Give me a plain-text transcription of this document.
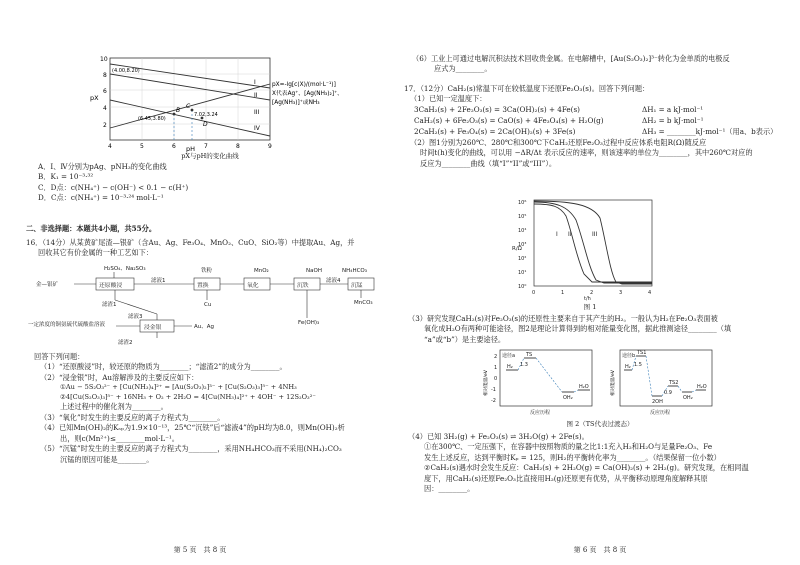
pX
10
8
6
4
2
4	5	6	7	8	9
pH
I
II
III
IV
(4.00,8.20)
(6.45,3.80)
7.02,3.24
B
C
D
pX=-lg[c(X)/(mol·L⁻¹)]
X代表Ag⁺、[Ag(NH₃)₂]⁺、
[Ag(NH₃)]⁺或NH₃
pX与pH的变化曲线
A．Ⅰ、Ⅳ分别为pAg、pNH₃的变化曲线
B．K₁ = 10⁻³·³²
C．D点：c(NH₄⁺) − c(OH⁻) < 0.1 − c(H⁺)
D．C点：c(NH₄⁺) = 10⁻³·²⁴ mol·L⁻¹
二、非选择题：本题共4小题，共55分。
16．（14分）从某黄矿尾渣—银矿（含Au、Ag、Fe₃O₄、MnO₂、CuO、SiO₂等）中提取Au、Ag，并
回收其它有价金属的一种工艺如下：
H₂SO₄、Na₂SO₃
金—银矿
铁粉	MnO₂	NaOH	NH₄HCO₃
滤液1
滤渣1	Cu
Fe(OH)₃
滤液4
MnCO₃
一定浓度的铜氨硫代硫酸盐溶液
滤液3
滤渣2
Au、Ag
还原酸浸	置换	氧化	沉铁	沉锰
浸金银
回答下列问题：
（1）“还原酸浸”时，较还原的物质为________；“滤渣2”的成分为________。
（2）“浸金银”时，Au溶解涉及的主要反应如下：
①Au − 5S₂O₃²⁻ + [Cu(NH₃)₄]²⁺ = [Au(S₂O₃)₂]³⁻ + [Cu(S₂O₃)₃]⁵⁻ + 4NH₃
②4[Cu(S₂O₃)₃]⁵⁻ + 16NH₃ + O₂ + 2H₂O = 4[Cu(NH₃)₄]²⁺ + 4OH⁻ + 12S₂O₃²⁻
上述过程中的催化剂为________。
（3）“氧化”时发生的主要反应的离子方程式为________。
（4）已知Mn(OH)₂的Kₛₚ为1.9×10⁻¹³，25℃“沉铁”后“滤液4”的pH均为8.0，则Mn(OH)₂析
出，则c(Mn²⁺)≤________mol·L⁻¹。
（5）“沉锰”时发生的主要反应的离子方程式为________，采用NH₄HCO₃而不采用(NH₄)₂CO₃
沉锰的原因可能是________。
第 5 页　共 8 页
（6）工业上可通过电解沉积法技术回收贵金属。在电解槽中，[Au(S₂O₃)₂]³⁻转化为金单质的电极反
应式为________。
17．（12分）CaH₂(s)常温下可在较低温度下还原Fe₂O₃(s)。回答下列问题：
（1）已知一定温度下：
3CaH₂(s) + 2Fe₂O₃(s) = 3Ca(OH)₂(s) + 4Fe(s)	ΔH₁ = a kJ·mol⁻¹
CaH₂(s) + 6Fe₂O₃(s) = CaO(s) + 4Fe₃O₄(s) + H₂O(g)	ΔH₂ = b kJ·mol⁻¹
2CaH₂(s) + Fe₃O₄(s) = 2Ca(OH)₂(s) + 3Fe(s)	ΔH₃ = ________kJ·mol⁻¹（用a、b表示）
（2）图1分别为260℃、280℃和300℃下CaH₂还原Fe₂O₃过程中反应体系电阻R(Ω)随反应
时间t(h)变化的曲线，可以用 −ΔR/Δt 表示反应的速率，则该速率的单位为________，其中260℃对应的
反应为________曲线（填“I”“II”或“III”）。
10⁶
10⁵
10⁴
10³
10²
10¹
10⁰
0	1	2	3	4
t/h
R/Ω
I II	III
图 1
（3）研究发现CaH₂(s)对Fe₂O₃(s)的还原性主要来自于其产生的H₂。一般认为H₂在Fe₂O₃表面被
氧化成H₂O有两种可能途径，图2是理论计算得到的相对能量变化图，据此推测途径________（填
“a”或“b”）是主要途径。
途径a	途径b
H₂
TS
1.3
OH₂
H₂O
2
1
0
-1
-2
H₂
TS1
1.5
2OH
TS2
0.9
OH₂
H₂O
反应历程	反应历程
相对能量/eV	相对能量/eV
图 2（TS代表过渡态）
（4）已知 3H₂(g) + Fe₂O₃(s) ⇌ 3H₂O(g) + 2Fe(s)。
①在300℃、一定压强下，在容器中按照物质的量之比1:1充入H₂和H₂O与足量Fe₂O₃、Fe
发生上述反应，达到平衡时Kₚ = 125，则H₂的平衡转化率为________。（结果保留一位小数）
②CaH₂(s)遇水时会发生反应：CaH₂(s) + 2H₂O(g) = Ca(OH)₂(s) + 2H₂(g)。研究发现，在相同温
度下，用CaH₂(s)还原Fe₂O₃比直接用H₂(g)还原更有优势，从平衡移动原理角度解释其原
因：________。
第 6 页　共 8 页
